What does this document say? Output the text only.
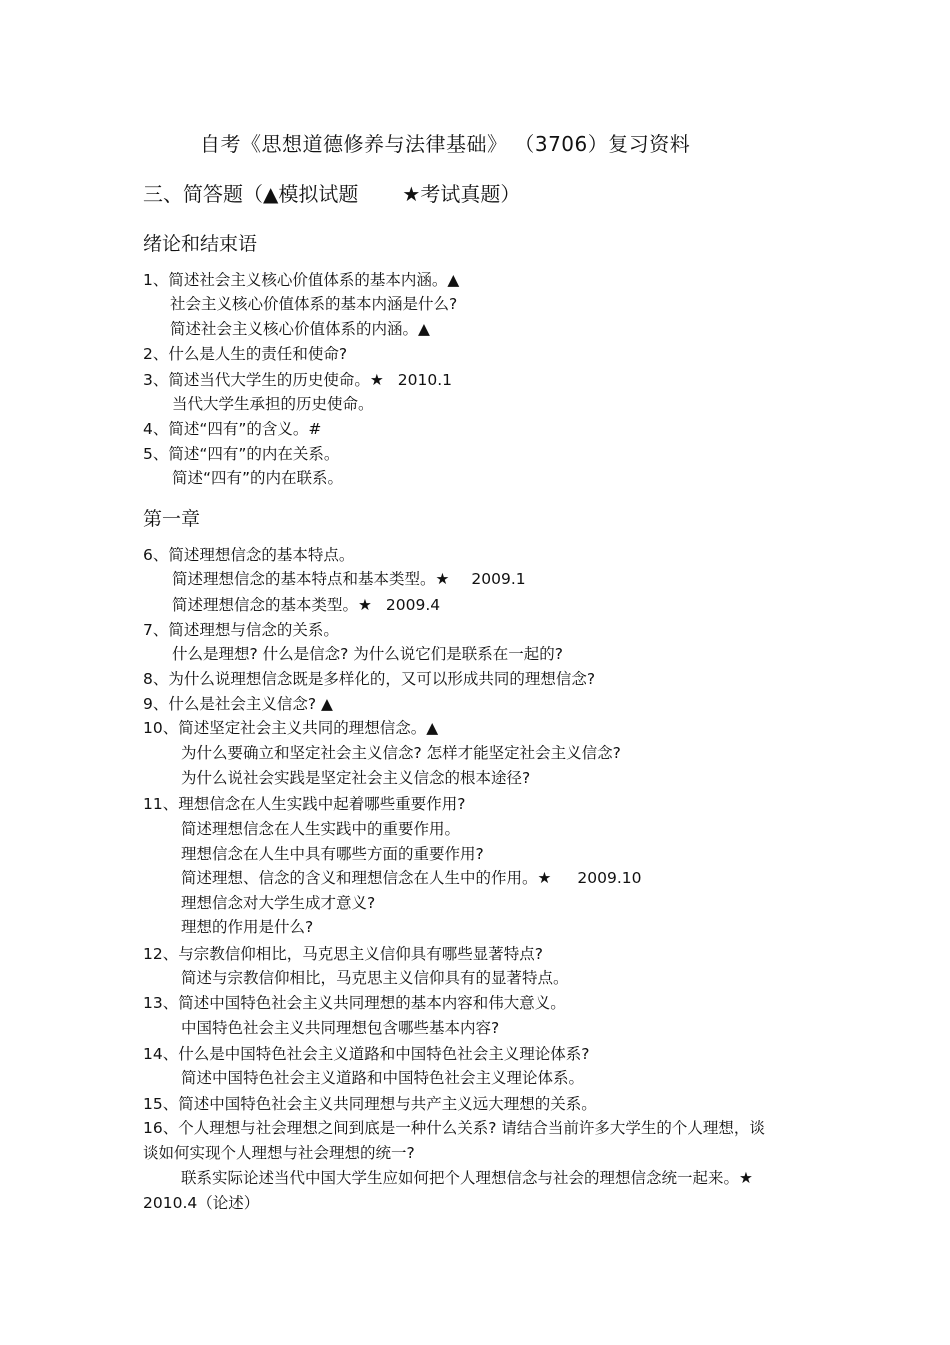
自考《思想道德修养与法律基础》 （3706）复习资料
三、简答题（▲模拟试题 ★考试真题）
绪论和结束语
1、简述社会主义核心价值体系的基本内涵。▲
社会主义核心价值体系的基本内涵是什么?
简述社会主义核心价值体系的内涵。▲
2、什么是人生的责任和使命?
3、简述当代大学生的历史使命。★ 2010.1
当代大学生承担的历史使命。
4、简述“四有”的含义。#
5、简述“四有”的内在关系。
简述“四有”的内在联系。
第一章
6、简述理想信念的基本特点。
简述理想信念的基本特点和基本类型。★ 2009.1
简述理想信念的基本类型。★ 2009.4
7、简述理想与信念的关系。
什么是理想? 什么是信念? 为什么说它们是联系在一起的?
8、为什么说理想信念既是多样化的，又可以形成共同的理想信念?
9、什么是社会主义信念? ▲
10、简述坚定社会主义共同的理想信念。▲
为什么要确立和坚定社会主义信念? 怎样才能坚定社会主义信念?
为什么说社会实践是坚定社会主义信念的根本途径?
11、理想信念在人生实践中起着哪些重要作用?
简述理想信念在人生实践中的重要作用。
理想信念在人生中具有哪些方面的重要作用?
简述理想、信念的含义和理想信念在人生中的作用。★ 2009.10
理想信念对大学生成才意义?
理想的作用是什么?
12、与宗教信仰相比，马克思主义信仰具有哪些显著特点?
简述与宗教信仰相比，马克思主义信仰具有的显著特点。
13、简述中国特色社会主义共同理想的基本内容和伟大意义。
中国特色社会主义共同理想包含哪些基本内容?
14、什么是中国特色社会主义道路和中国特色社会主义理论体系?
简述中国特色社会主义道路和中国特色社会主义理论体系。
15、简述中国特色社会主义共同理想与共产主义远大理想的关系。
16、个人理想与社会理想之间到底是一种什么关系? 请结合当前许多大学生的个人理想，谈谈如何实现个人理想与社会理想的统一?
联系实际论述当代中国大学生应如何把个人理想信念与社会的理想信念统一起来。★ 2010.4（论述）
